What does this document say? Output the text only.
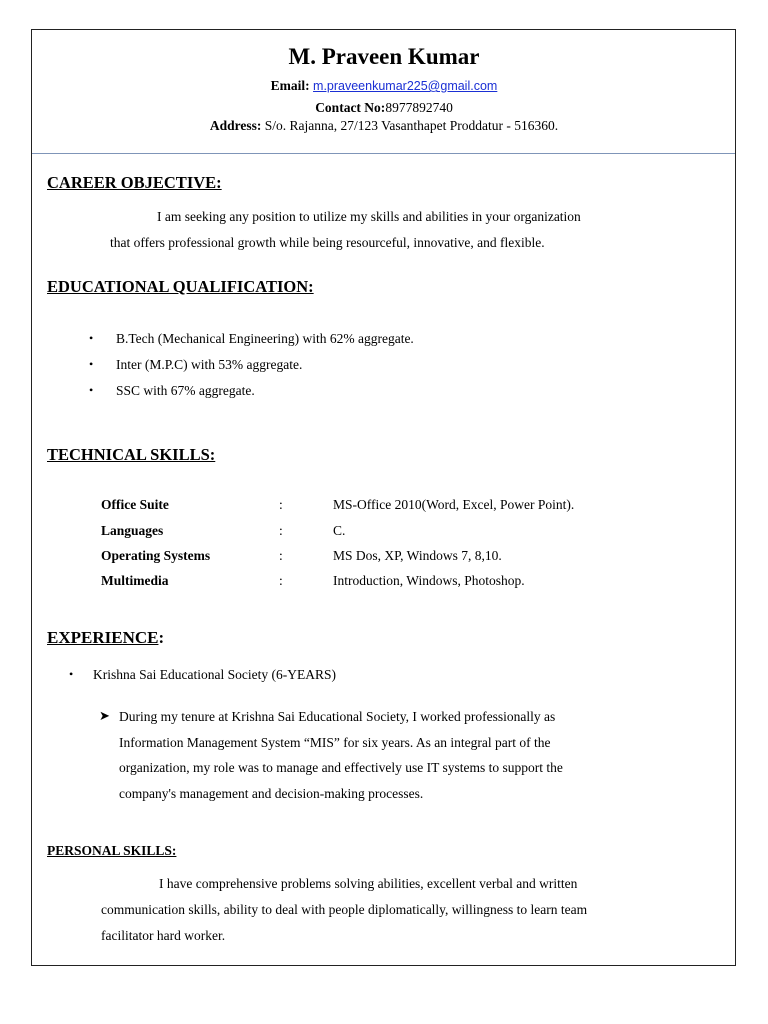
M. Praveen Kumar
Email: m.praveenkumar225@gmail.com
Contact No:8977892740
Address: S/o. Rajanna, 27/123 Vasanthapet Proddatur - 516360.
CAREER OBJECTIVE:
I am seeking any position to utilize my skills and abilities in your organization
that offers professional growth while being resourceful, innovative, and flexible.
EDUCATIONAL QUALIFICATION:
• B.Tech (Mechanical Engineering) with 62% aggregate.
• Inter (M.P.C) with 53% aggregate.
• SSC with 67% aggregate.
TECHNICAL SKILLS:
Office Suite	:	MS-Office 2010(Word, Excel, Power Point).
Languages	:	C.
Operating Systems	:	MS Dos, XP, Windows 7, 8,10.
Multimedia	:	Introduction, Windows, Photoshop.
EXPERIENCE:
• Krishna Sai Educational Society (6-YEARS)
➤ During my tenure at Krishna Sai Educational Society, I worked professionally as
Information Management System “MIS” for six years. As an integral part of the
organization, my role was to manage and effectively use IT systems to support the
company's management and decision-making processes.
PERSONAL SKILLS:
I have comprehensive problems solving abilities, excellent verbal and written
communication skills, ability to deal with people diplomatically, willingness to learn team
facilitator hard worker.
